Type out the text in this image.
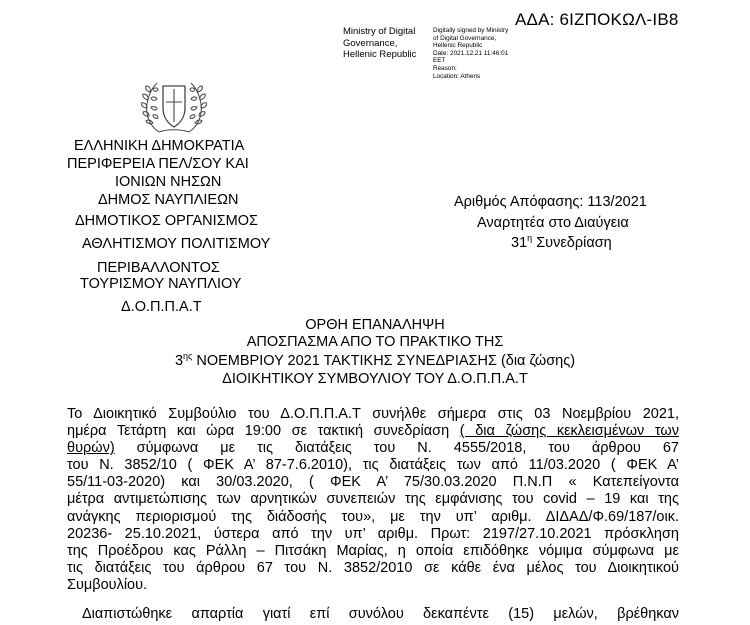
ΑΔΑ: 6ΙΖΠΟΚΩΛ-ΙΒ8
Ministry of Digital
Governance,
Hellenic Republic
Digitally signed by Ministry
of Digital Governance,
Hellenic Republic
Date: 2021.12.21 11:46:01
EET
Reason:
Location: Athens
ΕΛΛΗΝΙΚΗ ΔΗΜΟΚΡΑΤΙΑ
ΠΕΡΙΦΕΡΕΙΑ ΠΕΛ/ΣΟΥ ΚΑΙ
ΙΟΝΙΩΝ ΝΗΣΩΝ
ΔΗΜΟΣ ΝΑΥΠΛΙΕΩΝ
ΔΗΜΟΤΙΚΟΣ ΟΡΓΑΝΙΣΜΟΣ
ΑΘΛΗΤΙΣΜΟΥ ΠΟΛΙΤΙΣΜΟΥ
ΠΕΡΙΒΑΛΛΟΝΤΟΣ
ΤΟΥΡΙΣΜΟΥ ΝΑΥΠΛΙΟΥ
Δ.Ο.Π.Π.Α.Τ
Αριθμός Απόφασης: 113/2021
Αναρτητέα στο Διαύγεια
$31^\eta$ Συνεδρίαση
ΟΡΘΗ ΕΠΑΝΑΛΗΨΗ
ΑΠΟΣΠΑΣΜΑ ΑΠΟ ΤΟ ΠΡΑΚΤΙΚΟ ΤΗΣ
$3^{\eta\varsigma}$ ΝΟΕΜΒΡΙΟΥ 2021 ΤΑΚΤΙΚΗΣ ΣΥΝΕΔΡΙΑΣΗΣ (δια ζώσης)
ΔΙΟΙΚΗΤΙΚΟΥ ΣΥΜΒΟΥΛΙΟΥ ΤΟΥ Δ.Ο.Π.Π.Α.Τ
Το Διοικητικό Συμβούλιο του Δ.Ο.Π.Π.Α.Τ συνήλθε σήμερα στις 03 Νοεμβρίου 2021,
ημέρα Τετάρτη και ώρα 19:00 σε τακτική συνεδρίαση ( δια ζώσης κεκλεισμένων των
θυρών) σύμφωνα με τις διατάξεις του Ν. 4555/2018, του άρθρου 67
του Ν. 3852/10 ( ΦΕΚ Α’ 87-7.6.2010), τις διατάξεις των από 11/03.2020 ( ΦΕΚ Α’
55/11-03-2020) και 30/03.2020, ( ΦΕΚ Α’ 75/30.03.2020 Π.Ν.Π « Κατεπείγοντα
μέτρα αντιμετώπισης των αρνητικών συνεπειών της εμφάνισης του covid – 19 και της
ανάγκης περιορισμού της διάδοσής του», με την υπ’ αριθμ. ΔΙΔΑΔ/Φ.69/187/οικ.
20236- 25.10.2021, ύστερα από την υπ’ αριθμ. Πρωτ: 2197/27.10.2021 πρόσκληση
της Προέδρου κας Ράλλη – Πιτσάκη Μαρίας, η οποία επιδόθηκε νόμιμα σύμφωνα με
τις διατάξεις του άρθρου 67 του Ν. 3852/2010 σε κάθε ένα μέλος του Διοικητικού
Συμβουλίου.
Διαπιστώθηκε απαρτία γιατί επί συνόλου δεκαπέντε (15) μελών, βρέθηκαν
